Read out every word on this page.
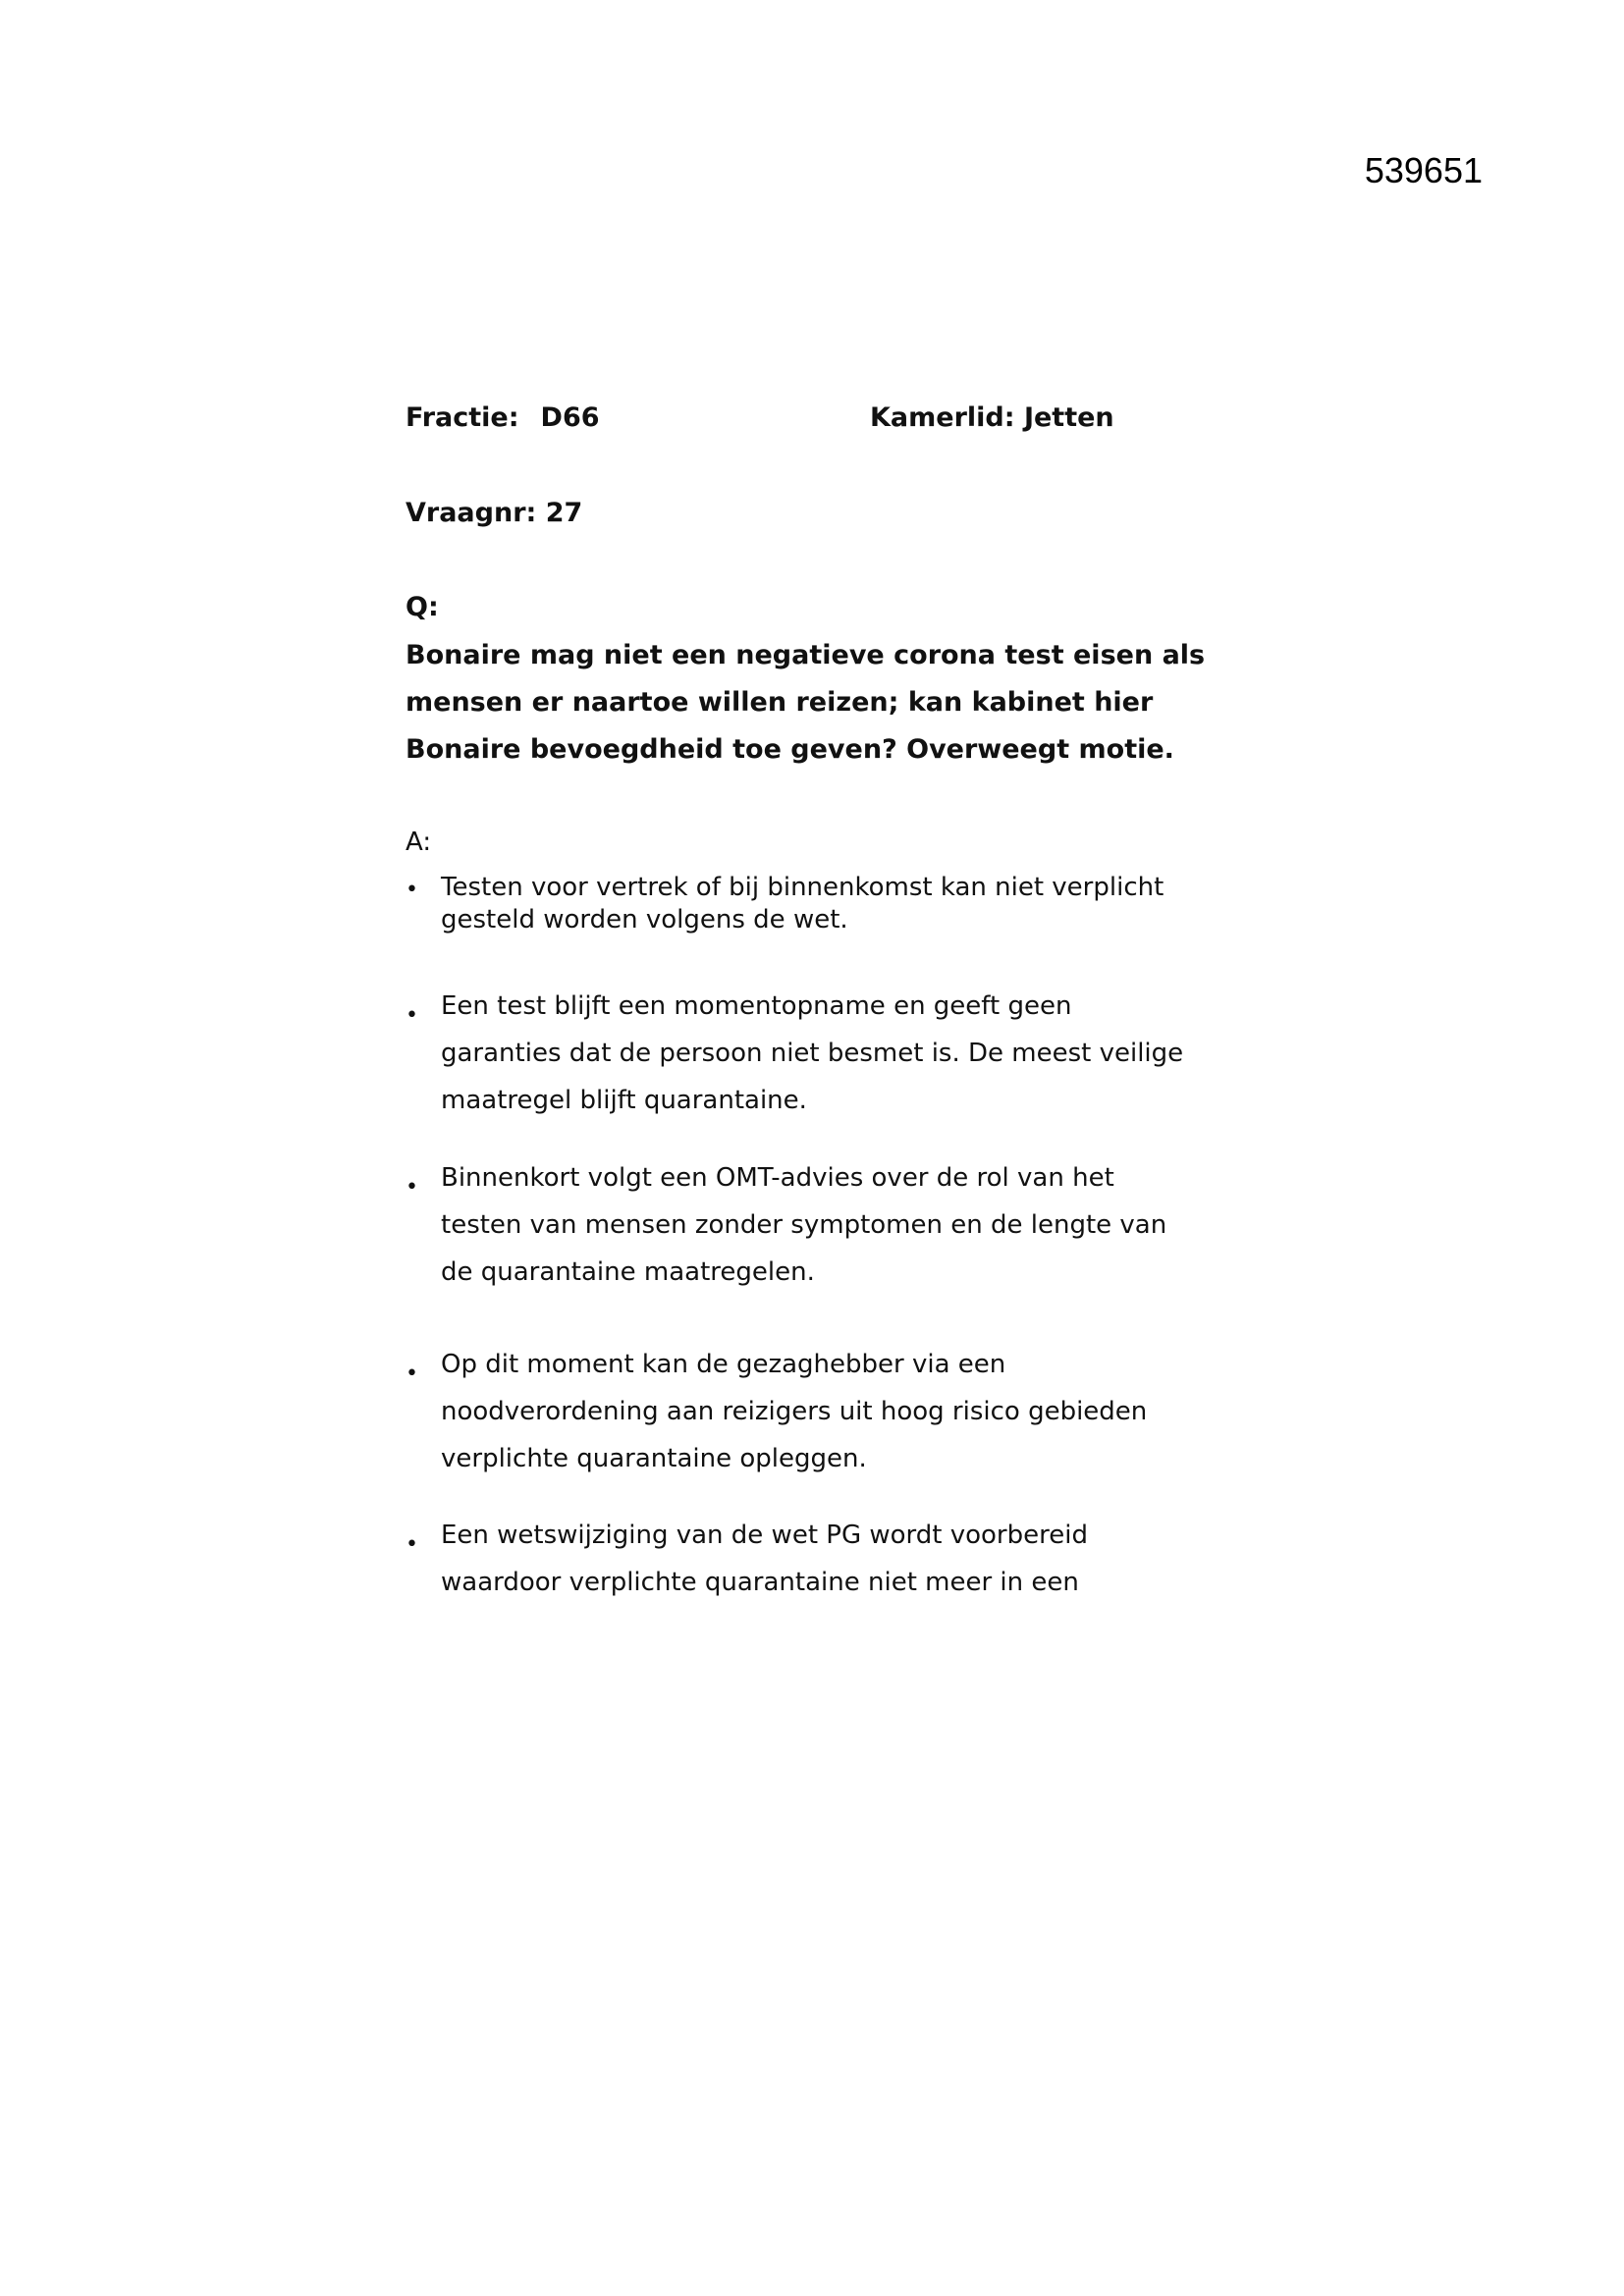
539651
Fractie: D66	Kamerlid: Jetten
Vraagnr: 27
Q:
Bonaire mag niet een negatieve corona test eisen als
mensen er naartoe willen reizen; kan kabinet hier
Bonaire bevoegdheid toe geven? Overweegt motie.
A:
• Testen voor vertrek of bij binnenkomst kan niet verplicht
gesteld worden volgens de wet.
• Een test blijft een momentopname en geeft geen
garanties dat de persoon niet besmet is. De meest veilige
maatregel blijft quarantaine.
• Binnenkort volgt een OMT-advies over de rol van het
testen van mensen zonder symptomen en de lengte van
de quarantaine maatregelen.
• Op dit moment kan de gezaghebber via een
noodverordening aan reizigers uit hoog risico gebieden
verplichte quarantaine opleggen.
• Een wetswijziging van de wet PG wordt voorbereid
waardoor verplichte quarantaine niet meer in een
